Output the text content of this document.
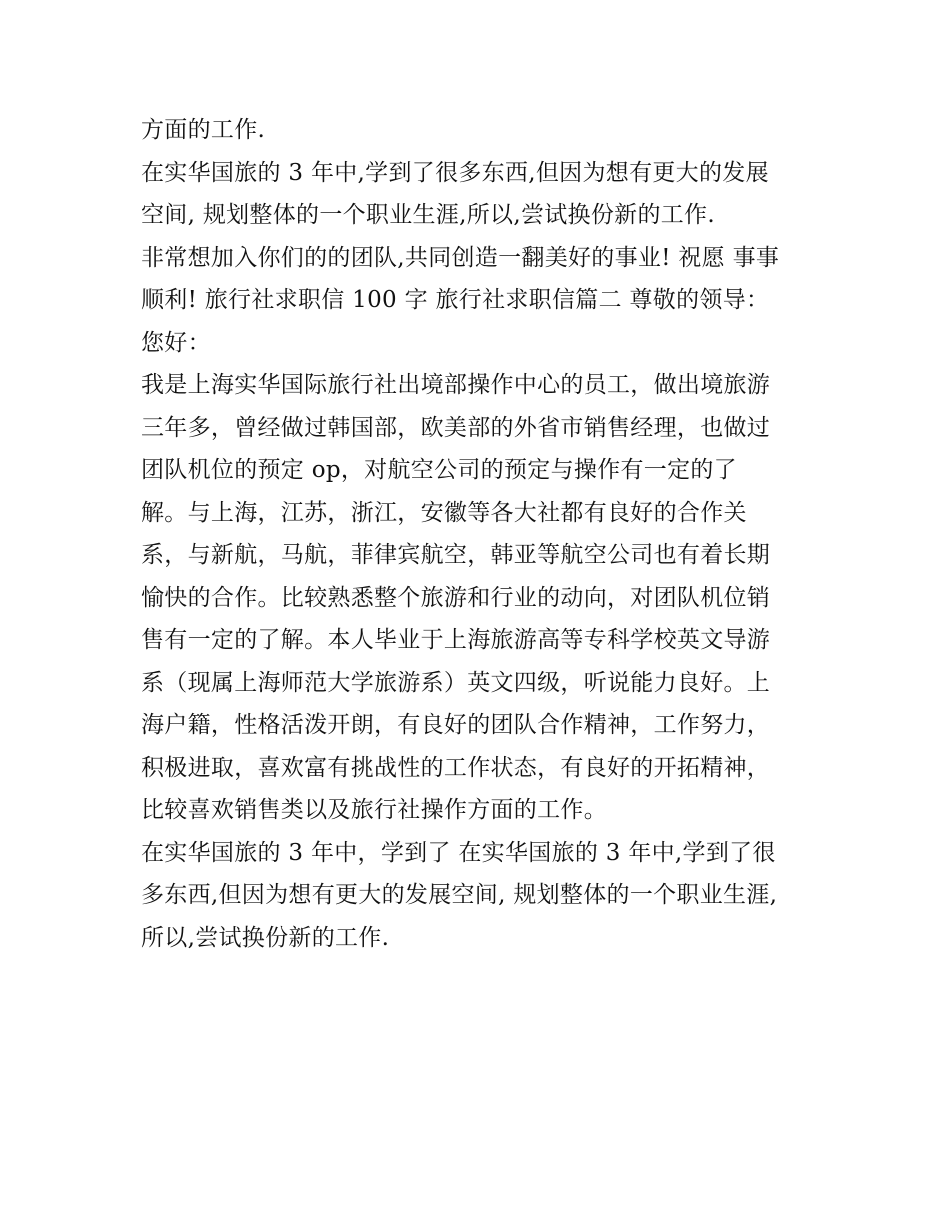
方面的工作.
在实华国旅的 3 年中,学到了很多东西,但因为想有更大的发展
空间, 规划整体的一个职业生涯,所以,尝试换份新的工作.
非常想加入你们的的团队,共同创造一翻美好的事业! 祝愿 事事
顺利! 旅行社求职信 100 字 旅行社求职信篇二 尊敬的领导：
您好：
我是上海实华国际旅行社出境部操作中心的员工，做出境旅游
三年多，曾经做过韩国部，欧美部的外省市销售经理，也做过
团队机位的预定 op，对航空公司的预定与操作有一定的了
解。与上海，江苏，浙江，安徽等各大社都有良好的合作关
系，与新航，马航，菲律宾航空，韩亚等航空公司也有着长期
愉快的合作。比较熟悉整个旅游和行业的动向，对团队机位销
售有一定的了解。本人毕业于上海旅游高等专科学校英文导游
系（现属上海师范大学旅游系）英文四级，听说能力良好。上
海户籍，性格活泼开朗，有良好的团队合作精神，工作努力，
积极进取，喜欢富有挑战性的工作状态，有良好的开拓精神，
比较喜欢销售类以及旅行社操作方面的工作。
在实华国旅的 3 年中，学到了 在实华国旅的 3 年中,学到了很
多东西,但因为想有更大的发展空间, 规划整体的一个职业生涯,
所以,尝试换份新的工作.
